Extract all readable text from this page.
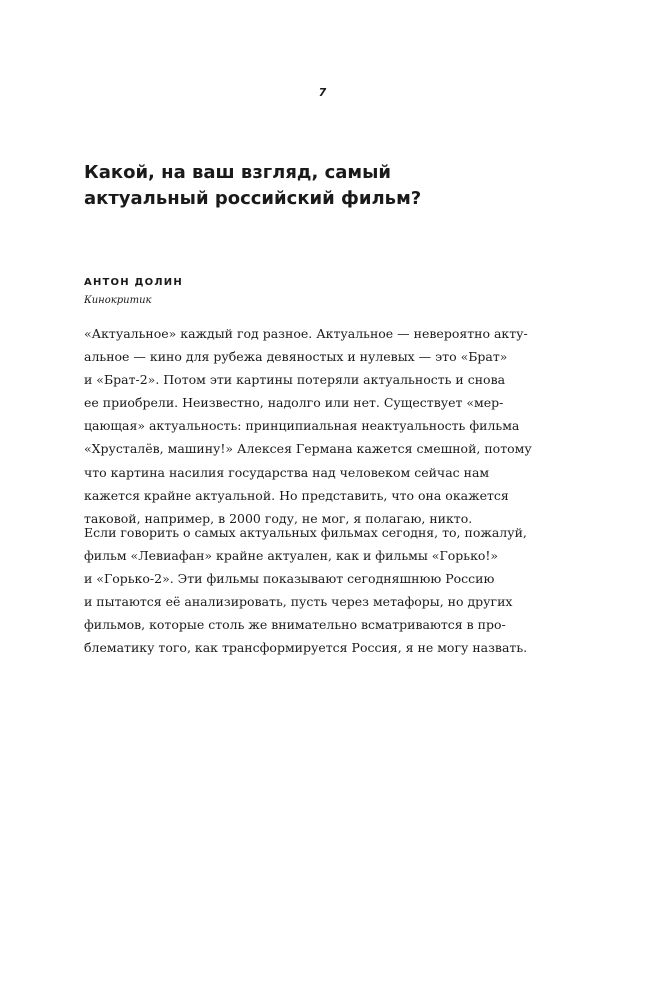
7
Какой, на ваш взгляд, самый
актуальный российский фильм?

АНТОН ДОЛИН

Кинокритик

«Актуальное» каждый год разное. Актуальное — невероятно акту-
альное — кино для рубежа девяностых и нулевых — это «Брат»
и «Брат-2». Потом эти картины потеряли актуальность и снова
ее приобрели. Неизвестно, надолго или нет. Существует «мер-
цающая» актуальность: принципиальная неактуальность фильма
«Хрусталёв, машину!» Алексея Германа кажется смешной, потому
что картина насилия государства над человеком сейчас нам
кажется крайне актуальной. Но представить, что она окажется
таковой, например, в 2000 году, не мог, я полагаю, никто.

Если говорить о самых актуальных фильмах сегодня, то, пожалуй,
фильм «Левиафан» крайне актуален, как и фильмы «Горько!»
и «Горько-2». Эти фильмы показывают сегодняшнюю Россию
и пытаются её анализировать, пусть через метафоры, но других
фильмов, которые столь же внимательно всматриваются в про-
блематику того, как трансформируется Россия, я не могу назвать.
